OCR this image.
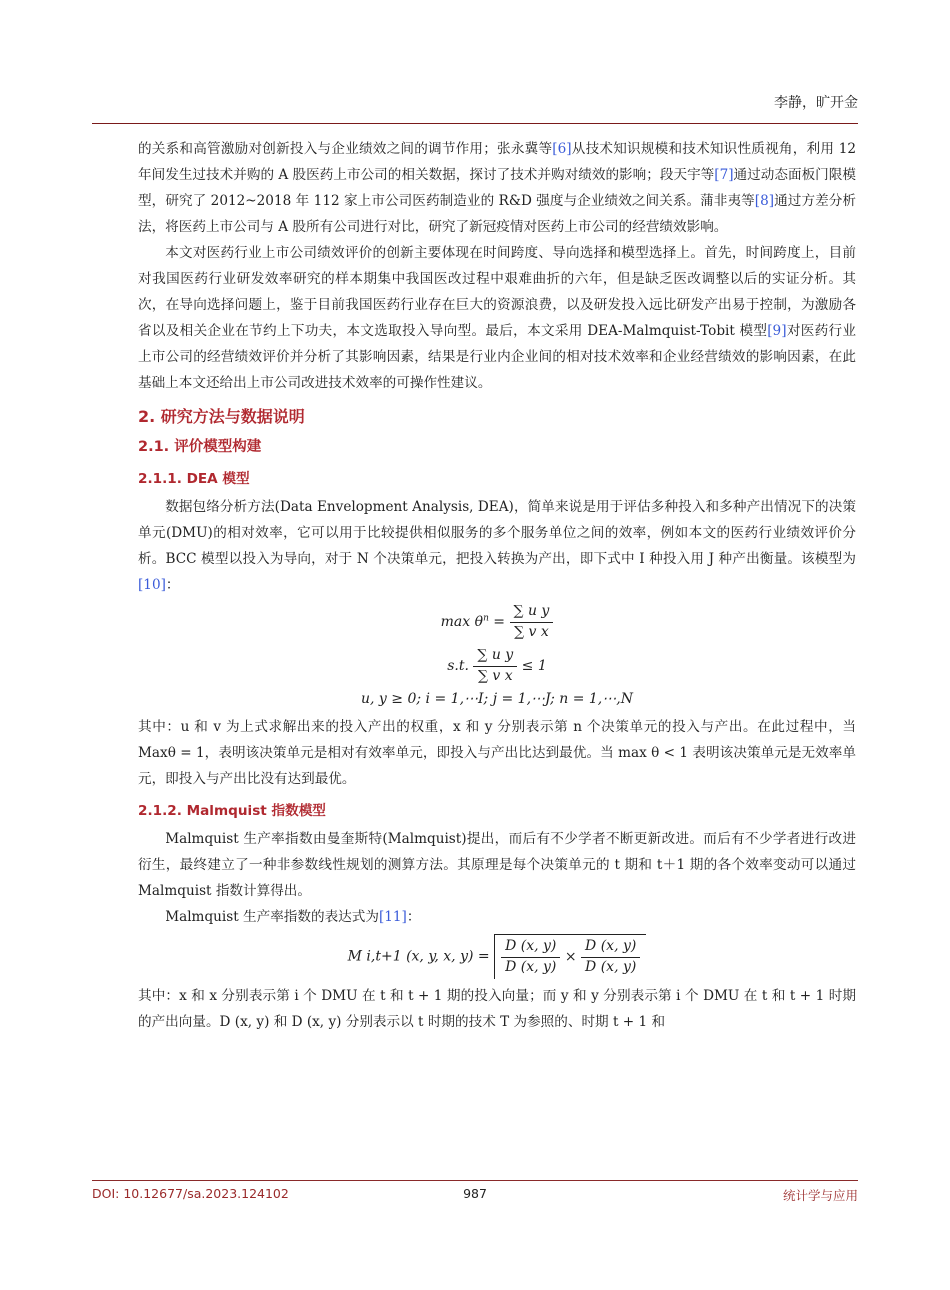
李静，旷开金

的关系和高管激励对创新投入与企业绩效之间的调节作用；张永冀等[6]从技术知识规模和技术知识性质视角，利用 12 年间发生过技术并购的 A 股医药上市公司的相关数据，探讨了技术并购对绩效的影响；段天宇等[7]通过动态面板门限模型，研究了 2012~2018 年 112 家上市公司医药制造业的 R&D 强度与企业绩效之间关系。蒲非夷等[8]通过方差分析法，将医药上市公司与 A 股所有公司进行对比，研究了新冠疫情对医药上市公司的经营绩效影响。

本文对医药行业上市公司绩效评价的创新主要体现在时间跨度、导向选择和模型选择上。首先，时间跨度上，目前对我国医药行业研发效率研究的样本期集中我国医改过程中艰难曲折的六年，但是缺乏医改调整以后的实证分析。其次，在导向选择问题上，鉴于目前我国医药行业存在巨大的资源浪费，以及研发投入远比研发产出易于控制，为激励各省以及相关企业在节约上下功夫，本文选取投入导向型。最后，本文采用 DEA-Malmquist-Tobit 模型[9]对医药行业上市公司的经营绩效评价并分析了其影响因素，结果是行业内企业间的相对技术效率和企业经营绩效的影响因素，在此基础上本文还给出上市公司改进技术效率的可操作性建议。

2. 研究方法与数据说明
2.1. 评价模型构建
2.1.1. DEA 模型

数据包络分析方法(Data Envelopment Analysis, DEA)，简单来说是用于评估多种投入和多种产出情况下的决策单元(DMU)的相对效率，它可以用于比较提供相似服务的多个服务单位之间的效率，例如本文的医药行业绩效评价分析。BCC 模型以投入为导向，对于 N 个决策单元，把投入转换为产出，即下式中 I 种投入用 J 种产出衡量。该模型为[10]：

$\max \theta^n = \frac{\text{∑ u y}}{\text{∑ v x}}$
s.t. $\frac{\text{∑ u y}}{\text{∑ v x}} \le 1$
u, y ≥ 0; i = 1,⋯I; j = 1,⋯J; n = 1,⋯,N

其中：u 和 v 为上式求解出来的投入产出的权重，x 和 y 分别表示第 n 个决策单元的投入与产出。在此过程中，当 Maxθ = 1，表明该决策单元是相对有效率单元，即投入与产出比达到最优。当 max θ < 1 表明该决策单元是无效率单元，即投入与产出比没有达到最优。

2.1.2. Malmquist 指数模型

Malmquist 生产率指数由曼奎斯特(Malmquist)提出，而后有不少学者不断更新改进。而后有不少学者进行改进衍生，最终建立了一种非参数线性规划的测算方法。其原理是每个决策单元的 t 期和 t＋1 期的各个效率变动可以通过 Malmquist 指数计算得出。

Malmquist 生产率指数的表达式为[11]：

M i,t+1 (x, y, x, $y) = \frac{D (x, y)}{D (x, y)} \times \frac{D (x, y)}{D (x, y)}$

其中：x 和 x 分别表示第 i 个 DMU 在 t 和 t + 1 期的投入向量；而 y 和 y 分别表示第 i 个 DMU 在 t 和 t + 1 时期的产出向量。D (x, y) 和 D (x, y) 分别表示以 t 时期的技术 T 为参照的、时期 t + 1 和

DOI: 10.12677/sa.2023.124102	987	统计学与应用
